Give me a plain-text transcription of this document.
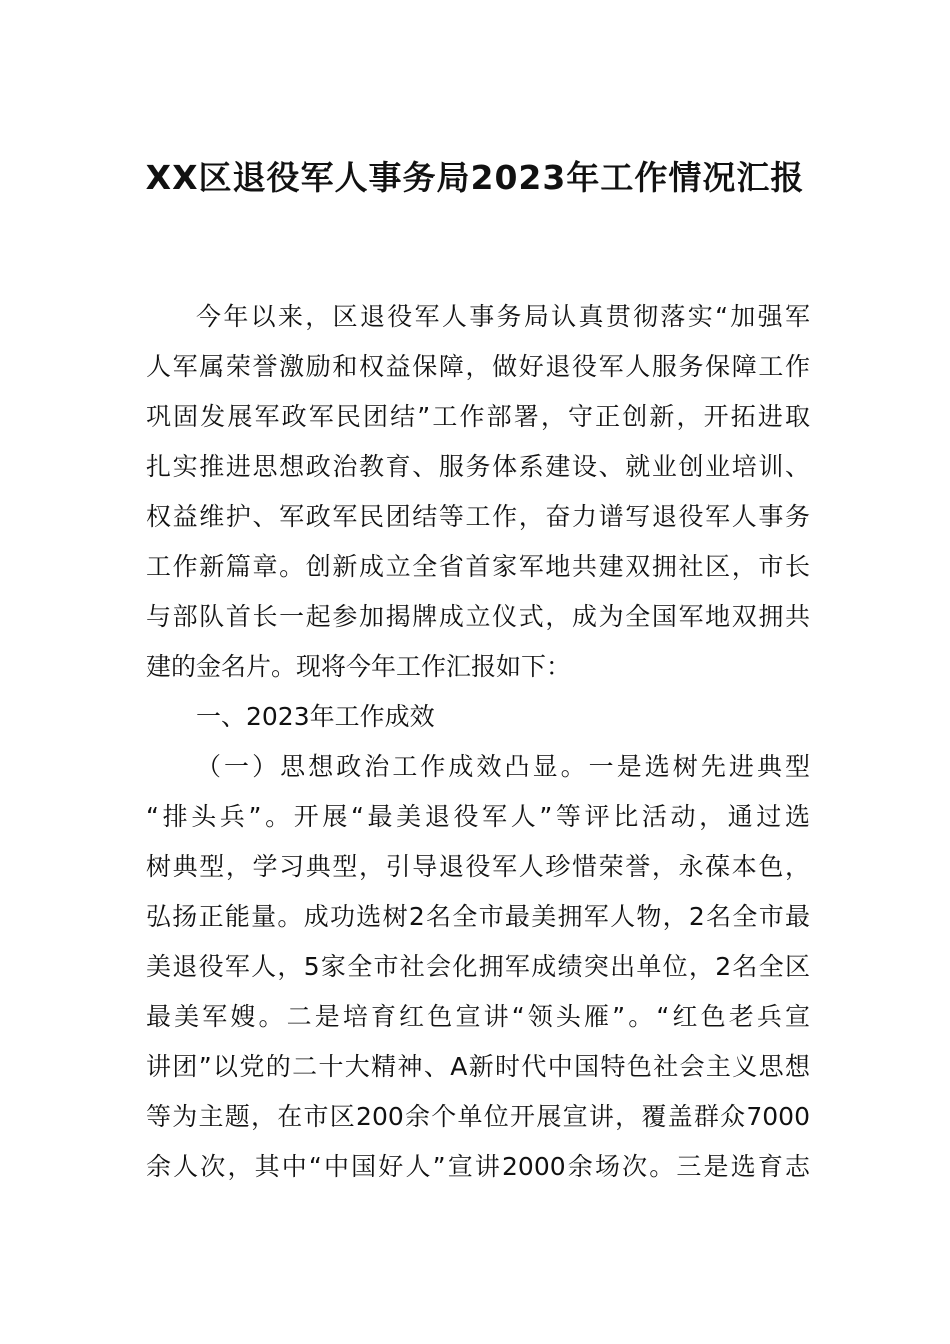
XX区退役军人事务局2023年工作情况汇报
今年以来，区退役军人事务局认真贯彻落实“加强军
人军属荣誉激励和权益保障，做好退役军人服务保障工作
巩固发展军政军民团结”工作部署，守正创新，开拓进取
扎实推进思想政治教育、服务体系建设、就业创业培训、
权益维护、军政军民团结等工作，奋力谱写退役军人事务
工作新篇章。创新成立全省首家军地共建双拥社区，市长
与部队首长一起参加揭牌成立仪式，成为全国军地双拥共
建的金名片。现将今年工作汇报如下：
一、2023年工作成效
（一）思想政治工作成效凸显。一是选树先进典型
“排头兵”。开展“最美退役军人”等评比活动，通过选
树典型，学习典型，引导退役军人珍惜荣誉，永葆本色，
弘扬正能量。成功选树2名全市最美拥军人物，2名全市最
美退役军人，5家全市社会化拥军成绩突出单位，2名全区
最美军嫂。二是培育红色宣讲“领头雁”。“红色老兵宣
讲团”以党的二十大精神、A新时代中国特色社会主义思想
等为主题，在市区200余个单位开展宣讲，覆盖群众7000
余人次，其中“中国好人”宣讲2000余场次。三是选育志
